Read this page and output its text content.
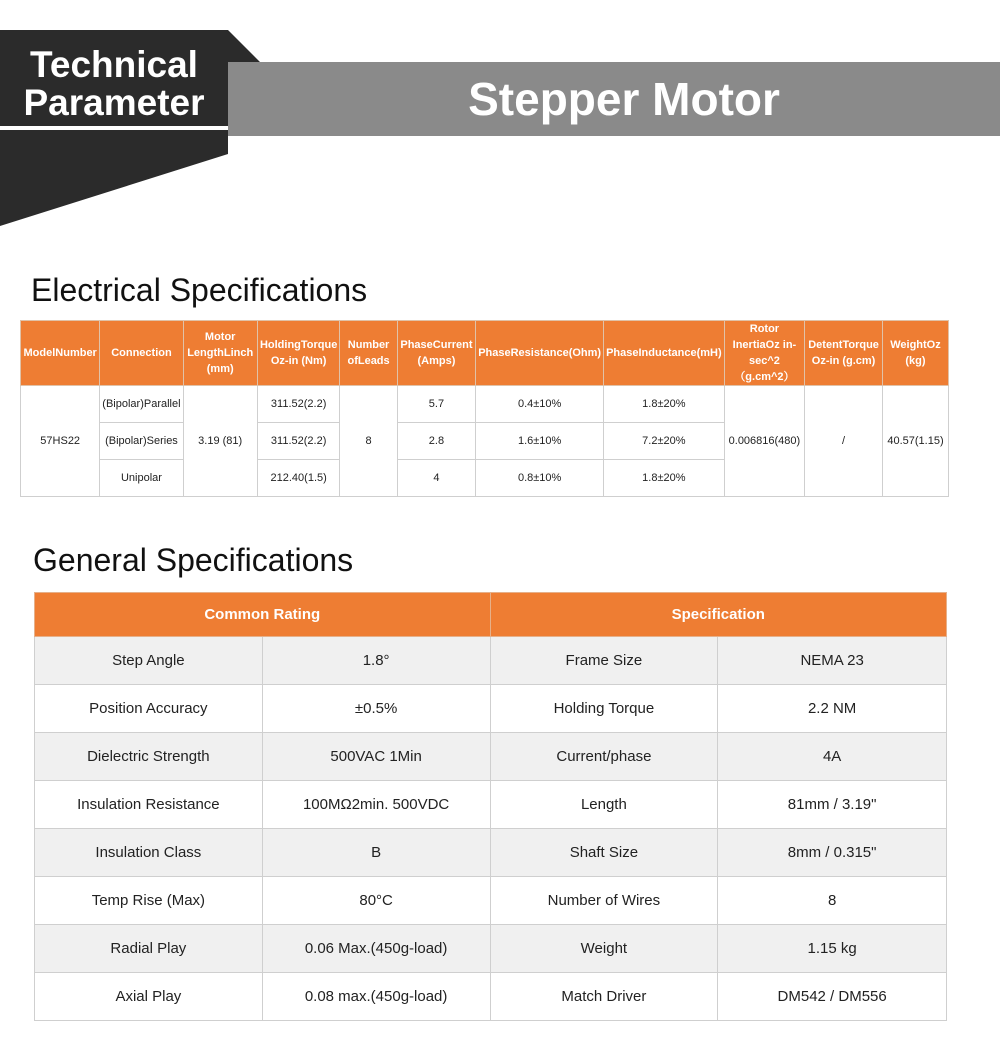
Technical
Parameter	Stepper Motor
Electrical Specifications
ModelNumber	Connection	Motor LengthLinch (mm)	HoldingTorque Oz-in (Nm)	Number ofLeads	PhaseCurrent (Amps)	PhaseResistance(Ohm)	PhaseInductance(mH)	Rotor InertiaOz in-sec^2 （g.cm^2）	DetentTorque Oz-in (g.cm)	WeightOz (kg)
57HS22	(Bipolar)Parallel	3.19 (81)	311.52(2.2)	8	5.7	0.4±10%	1.8±20%	0.006816(480)	/	40.57(1.15)
	(Bipolar)Series		311.52(2.2)		2.8	1.6±10%	7.2±20%			
	Unipolar		212.40(1.5)		4	0.8±10%	1.8±20%			
General Specifications
Common Rating		Specification	
Step Angle	1.8°	Frame Size	NEMA 23
Position Accuracy	±0.5%	Holding Torque	2.2 NM
Dielectric Strength	500VAC 1Min	Current/phase	4A
Insulation Resistance	100MΩ2min. 500VDC	Length	81mm / 3.19"
Insulation Class	B	Shaft Size	8mm / 0.315"
Temp Rise (Max)	80°C	Number of Wires	8
Radial Play	0.06 Max.(450g-load)	Weight	1.15 kg
Axial Play	0.08 max.(450g-load)	Match Driver	DM542 / DM556
